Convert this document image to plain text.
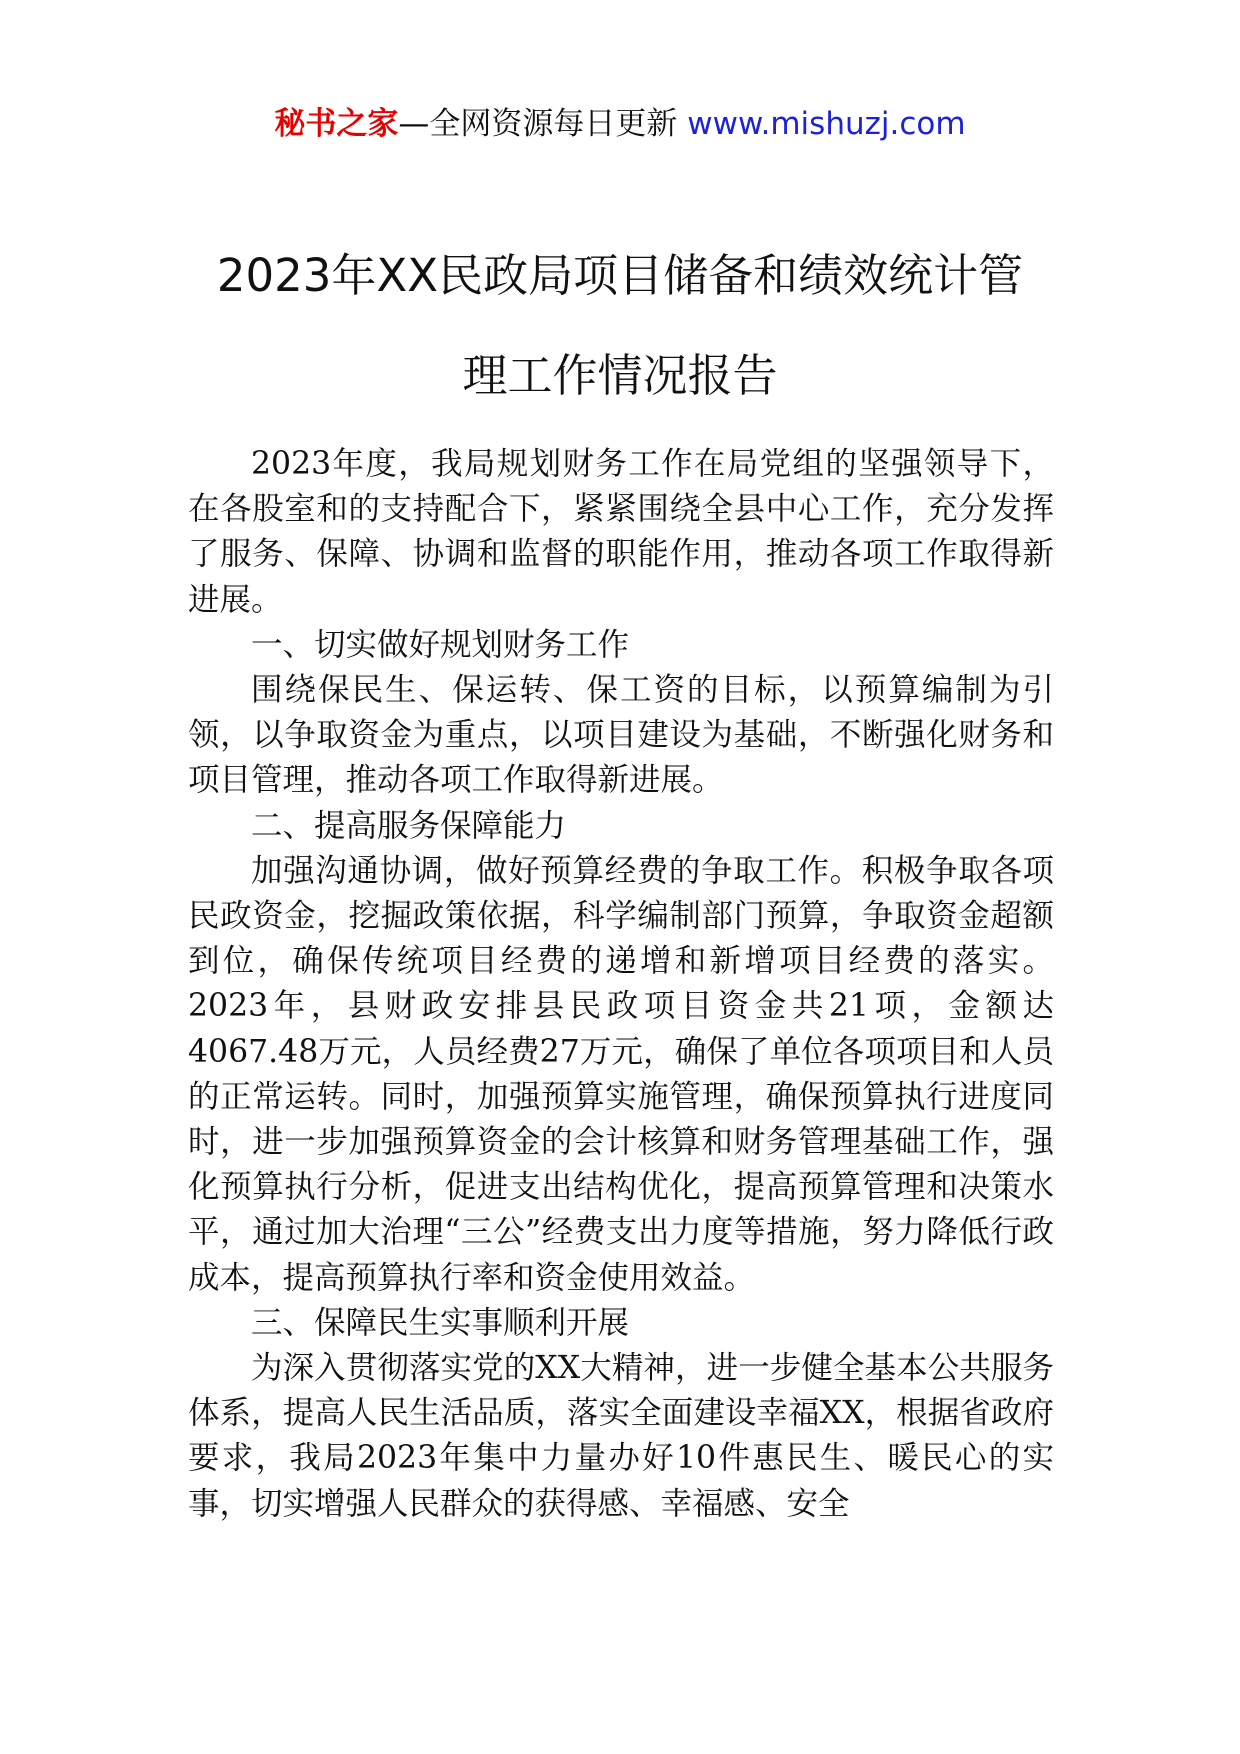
秘书之家—全网资源每日更新 www.mishuzj.com
2023年XX民政局项目储备和绩效统计管
理工作情况报告

2023年度，我局规划财务工作在局党组的坚强领导下，在各股室和的支持配合下，紧紧围绕全县中心工作，充分发挥了服务、保障、协调和监督的职能作用，推动各项工作取得新进展。

一、切实做好规划财务工作

围绕保民生、保运转、保工资的目标，以预算编制为引领，以争取资金为重点，以项目建设为基础，不断强化财务和项目管理，推动各项工作取得新进展。

二、提高服务保障能力

加强沟通协调，做好预算经费的争取工作。积极争取各项民政资金，挖掘政策依据，科学编制部门预算，争取资金超额到位，确保传统项目经费的递增和新增项目经费的落实。2023年，县财政安排县民政项目资金共21项，金额达4067.48万元，人员经费27万元，确保了单位各项项目和人员的正常运转。同时，加强预算实施管理，确保预算执行进度同时，进一步加强预算资金的会计核算和财务管理基础工作，强化预算执行分析，促进支出结构优化，提高预算管理和决策水平，通过加大治理“三公”经费支出力度等措施，努力降低行政成本，提高预算执行率和资金使用效益。

三、保障民生实事顺利开展

为深入贯彻落实党的XX大精神，进一步健全基本公共服务体系，提高人民生活品质，落实全面建设幸福XX，根据省政府要求，我局2023年集中力量办好10件惠民生、暖民心的实事，切实增强人民群众的获得感、幸福感、安全
